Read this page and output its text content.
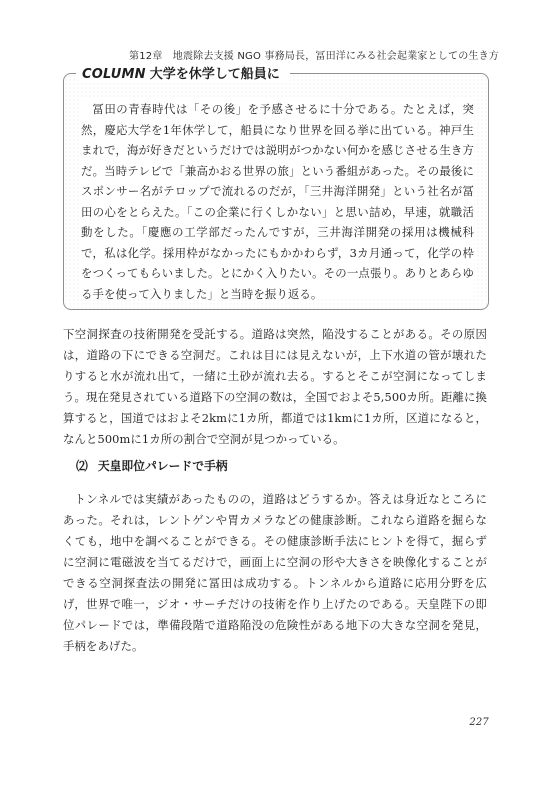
第12章　地震除去支援 NGO 事務局長，冨田洋にみる社会起業家としての生き方
COLUMN 大学を休学して船員に

冨田の青春時代は「その後」を予感させるに十分である。たとえば，突然，慶応大学を1年休学して，船員になり世界を回る挙に出ている。神戸生まれで，海が好きだというだけでは説明がつかない何かを感じさせる生き方だ。当時テレビで「兼高かおる世界の旅」という番組があった。その最後にスポンサー名がテロップで流れるのだが，「三井海洋開発」という社名が冨田の心をとらえた。「この企業に行くしかない」と思い詰め，早速，就職活動をした。「慶應の工学部だったんですが，三井海洋開発の採用は機械科で，私は化学。採用枠がなかったにもかかわらず，3カ月通って，化学の枠をつくってもらいました。とにかく入りたい。その一点張り。ありとあらゆる手を使って入りました」と当時を振り返る。

下空洞探査の技術開発を受託する。道路は突然，陥没することがある。その原因は，道路の下にできる空洞だ。これは目には見えないが，上下水道の管が壊れたりすると水が流れ出て，一緒に土砂が流れ去る。するとそこが空洞になってしまう。現在発見されている道路下の空洞の数は，全国でおよそ5,500カ所。距離に換算すると，国道ではおよそ2kmに1カ所，都道では1kmに1カ所，区道になると，なんと500mに1カ所の割合で空洞が見つかっている。

⑵ 天皇即位パレードで手柄

トンネルでは実績があったものの，道路はどうするか。答えは身近なところにあった。それは，レントゲンや胃カメラなどの健康診断。これなら道路を掘らなくても，地中を調べることができる。その健康診断手法にヒントを得て，掘らずに空洞に電磁波を当てるだけで，画面上に空洞の形や大きさを映像化することができる空洞探査法の開発に冨田は成功する。トンネルから道路に応用分野を広げ，世界で唯一，ジオ・サーチだけの技術を作り上げたのである。天皇陛下の即位パレードでは，準備段階で道路陥没の危険性がある地下の大きな空洞を発見，手柄をあげた。

227
